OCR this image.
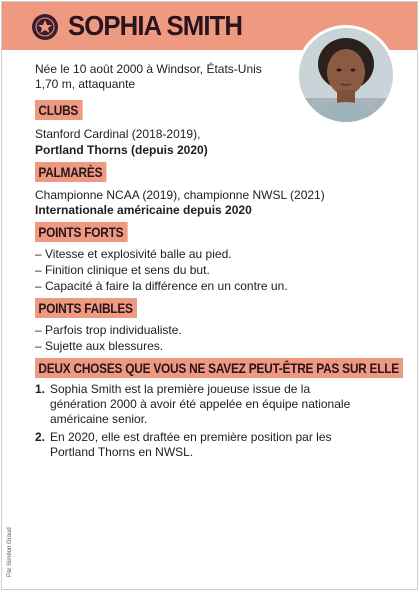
SOPHIA SMITH
Née le 10 août 2000 à Windsor, États-Unis
1,70 m, attaquante
CLUBS
Stanford Cardinal (2018-2019),
Portland Thorns (depuis 2020)
PALMARÈS
Championne NCAA (2019), championne NWSL (2021)
Internationale américaine depuis 2020
POINTS FORTS
– Vitesse et explosivité balle au pied.
– Finition clinique et sens du but.
– Capacité à faire la différence en un contre un.
POINTS FAIBLES
– Parfois trop individualiste.
– Sujette aux blessures.
DEUX CHOSES QUE VOUS NE SAVEZ PEUT-ÊTRE PAS SUR ELLE
1. Sophia Smith est la première joueuse issue de la génération 2000 à avoir été appelée en équipe nationale américaine senior.
2. En 2020, elle est draftée en première position par les Portland Thorns en NWSL.
Par Siméon Graud
